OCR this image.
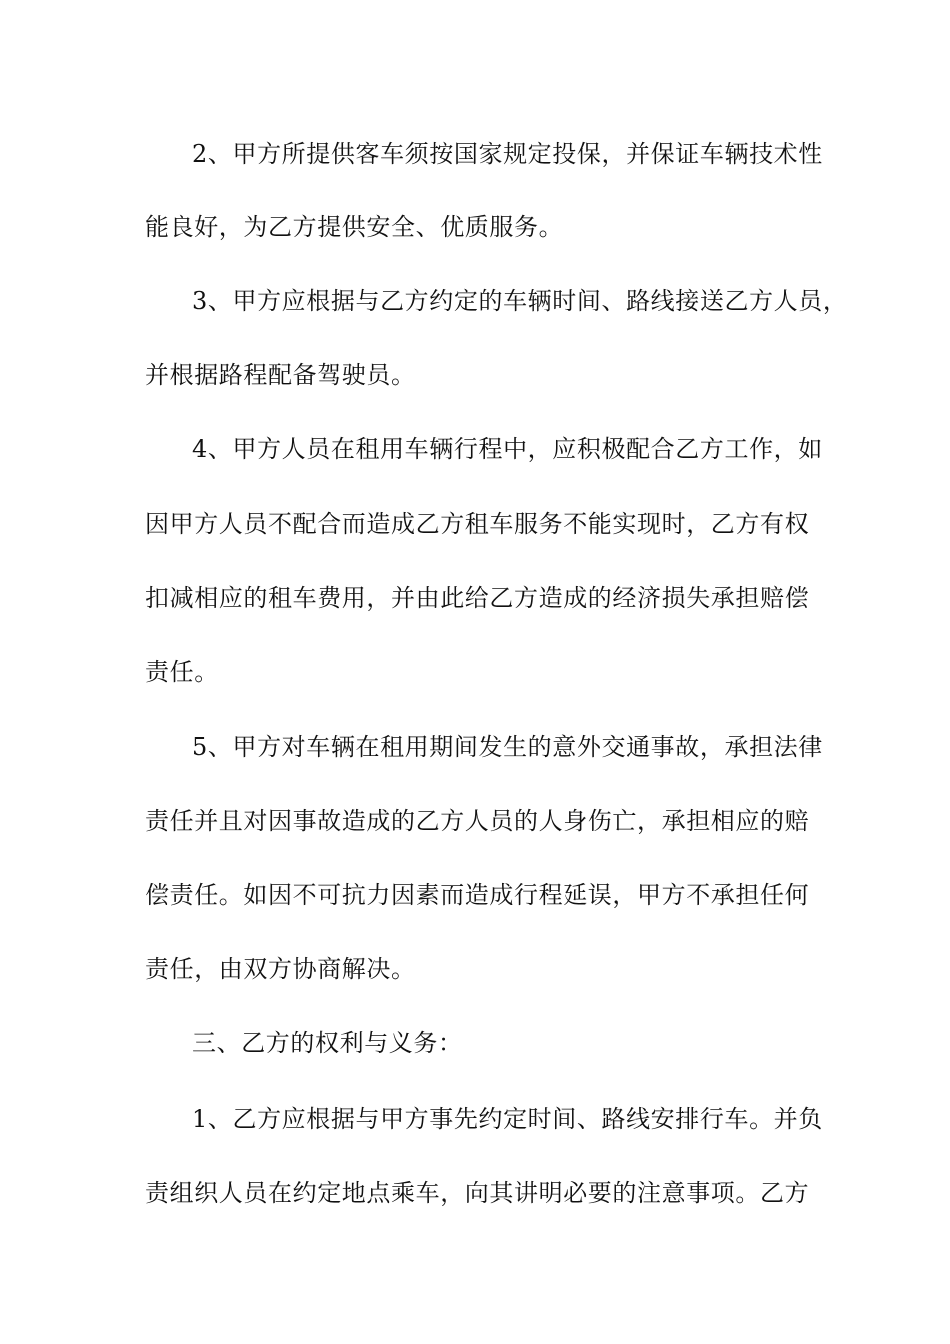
2、甲方所提供客车须按国家规定投保，并保证车辆技术性
能良好，为乙方提供安全、优质服务。
3、甲方应根据与乙方约定的车辆时间、路线接送乙方人员，
并根据路程配备驾驶员。
4、甲方人员在租用车辆行程中，应积极配合乙方工作，如
因甲方人员不配合而造成乙方租车服务不能实现时，乙方有权
扣减相应的租车费用，并由此给乙方造成的经济损失承担赔偿
责任。
5、甲方对车辆在租用期间发生的意外交通事故，承担法律
责任并且对因事故造成的乙方人员的人身伤亡，承担相应的赔
偿责任。如因不可抗力因素而造成行程延误，甲方不承担任何
责任，由双方协商解决。
三、乙方的权利与义务：
1、乙方应根据与甲方事先约定时间、路线安排行车。并负
责组织人员在约定地点乘车，向其讲明必要的注意事项。乙方
